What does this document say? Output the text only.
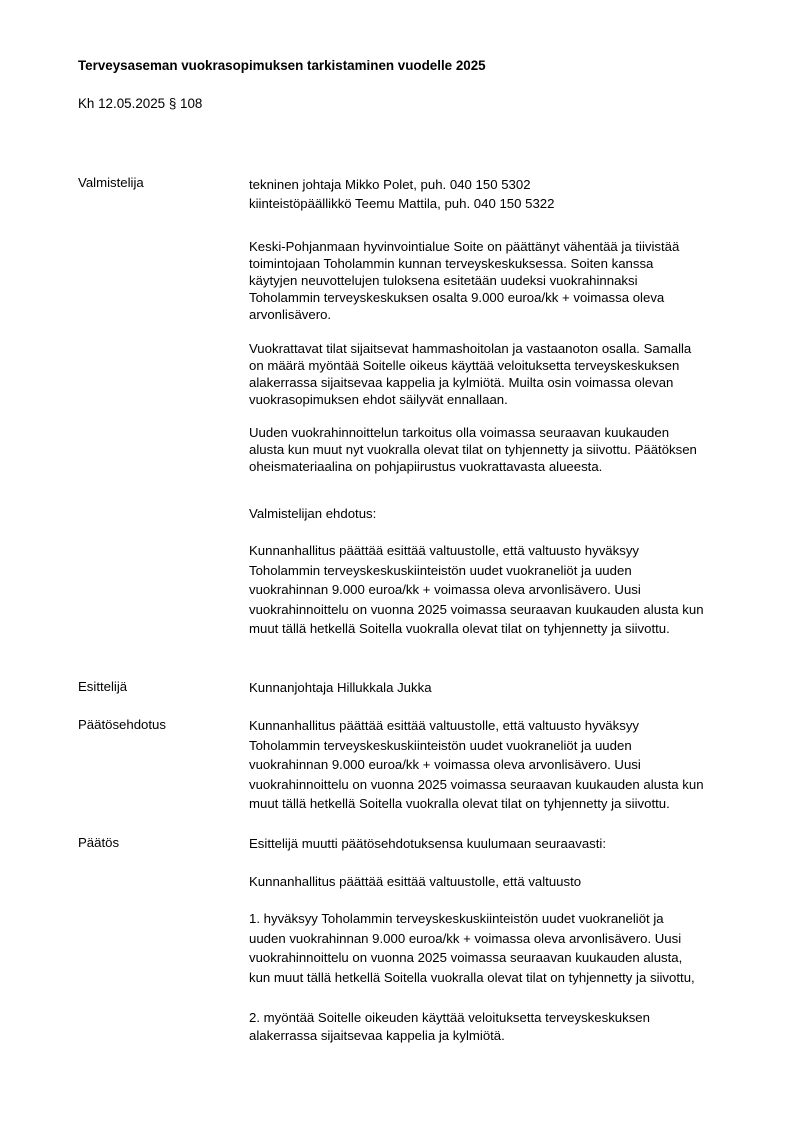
Terveysaseman vuokrasopimuksen tarkistaminen vuodelle 2025
Kh 12.05.2025 § 108
Valmistelija	tekninen johtaja Mikko Polet, puh. 040 150 5302
kiinteistöpäällikkö Teemu Mattila, puh. 040 150 5322

Keski-Pohjanmaan hyvinvointialue Soite on päättänyt vähentää ja tiivistää
toimintojaan Toholammin kunnan terveyskeskuksessa. Soiten kanssa
käytyjen neuvottelujen tuloksena esitetään uudeksi vuokrahinnaksi
Toholammin terveyskeskuksen osalta 9.000 euroa/kk + voimassa oleva
arvonlisävero.

Vuokrattavat tilat sijaitsevat hammashoitolan ja vastaanoton osalla. Samalla
on määrä myöntää Soitelle oikeus käyttää veloituksetta terveyskeskuksen
alakerrassa sijaitsevaa kappelia ja kylmiötä. Muilta osin voimassa olevan
vuokrasopimuksen ehdot säilyvät ennallaan.

Uuden vuokrahinnoittelun tarkoitus olla voimassa seuraavan kuukauden
alusta kun muut nyt vuokralla olevat tilat on tyhjennetty ja siivottu. Päätöksen
oheismateriaalina on pohjapiirustus vuokrattavasta alueesta.

Valmistelijan ehdotus:

Kunnanhallitus päättää esittää valtuustolle, että valtuusto hyväksyy
Toholammin terveyskeskuskiinteistön uudet vuokraneliöt ja uuden
vuokrahinnan 9.000 euroa/kk + voimassa oleva arvonlisävero. Uusi
vuokrahinnoittelu on vuonna 2025 voimassa seuraavan kuukauden alusta kun
muut tällä hetkellä Soitella vuokralla olevat tilat on tyhjennetty ja siivottu.

Esittelijä	Kunnanjohtaja Hillukkala Jukka
Päätösehdotus	Kunnanhallitus päättää esittää valtuustolle, että valtuusto hyväksyy
Toholammin terveyskeskuskiinteistön uudet vuokraneliöt ja uuden
vuokrahinnan 9.000 euroa/kk + voimassa oleva arvonlisävero. Uusi
vuokrahinnoittelu on vuonna 2025 voimassa seuraavan kuukauden alusta kun
muut tällä hetkellä Soitella vuokralla olevat tilat on tyhjennetty ja siivottu.

Päätös	Esittelijä muutti päätösehdotuksensa kuulumaan seuraavasti:
Kunnanhallitus päättää esittää valtuustolle, että valtuusto

1. hyväksyy Toholammin terveyskeskuskiinteistön uudet vuokraneliöt ja
uuden vuokrahinnan 9.000 euroa/kk + voimassa oleva arvonlisävero. Uusi
vuokrahinnoittelu on vuonna 2025 voimassa seuraavan kuukauden alusta,
kun muut tällä hetkellä Soitella vuokralla olevat tilat on tyhjennetty ja siivottu,

2. myöntää Soitelle oikeuden käyttää veloituksetta terveyskeskuksen
alakerrassa sijaitsevaa kappelia ja kylmiötä.
